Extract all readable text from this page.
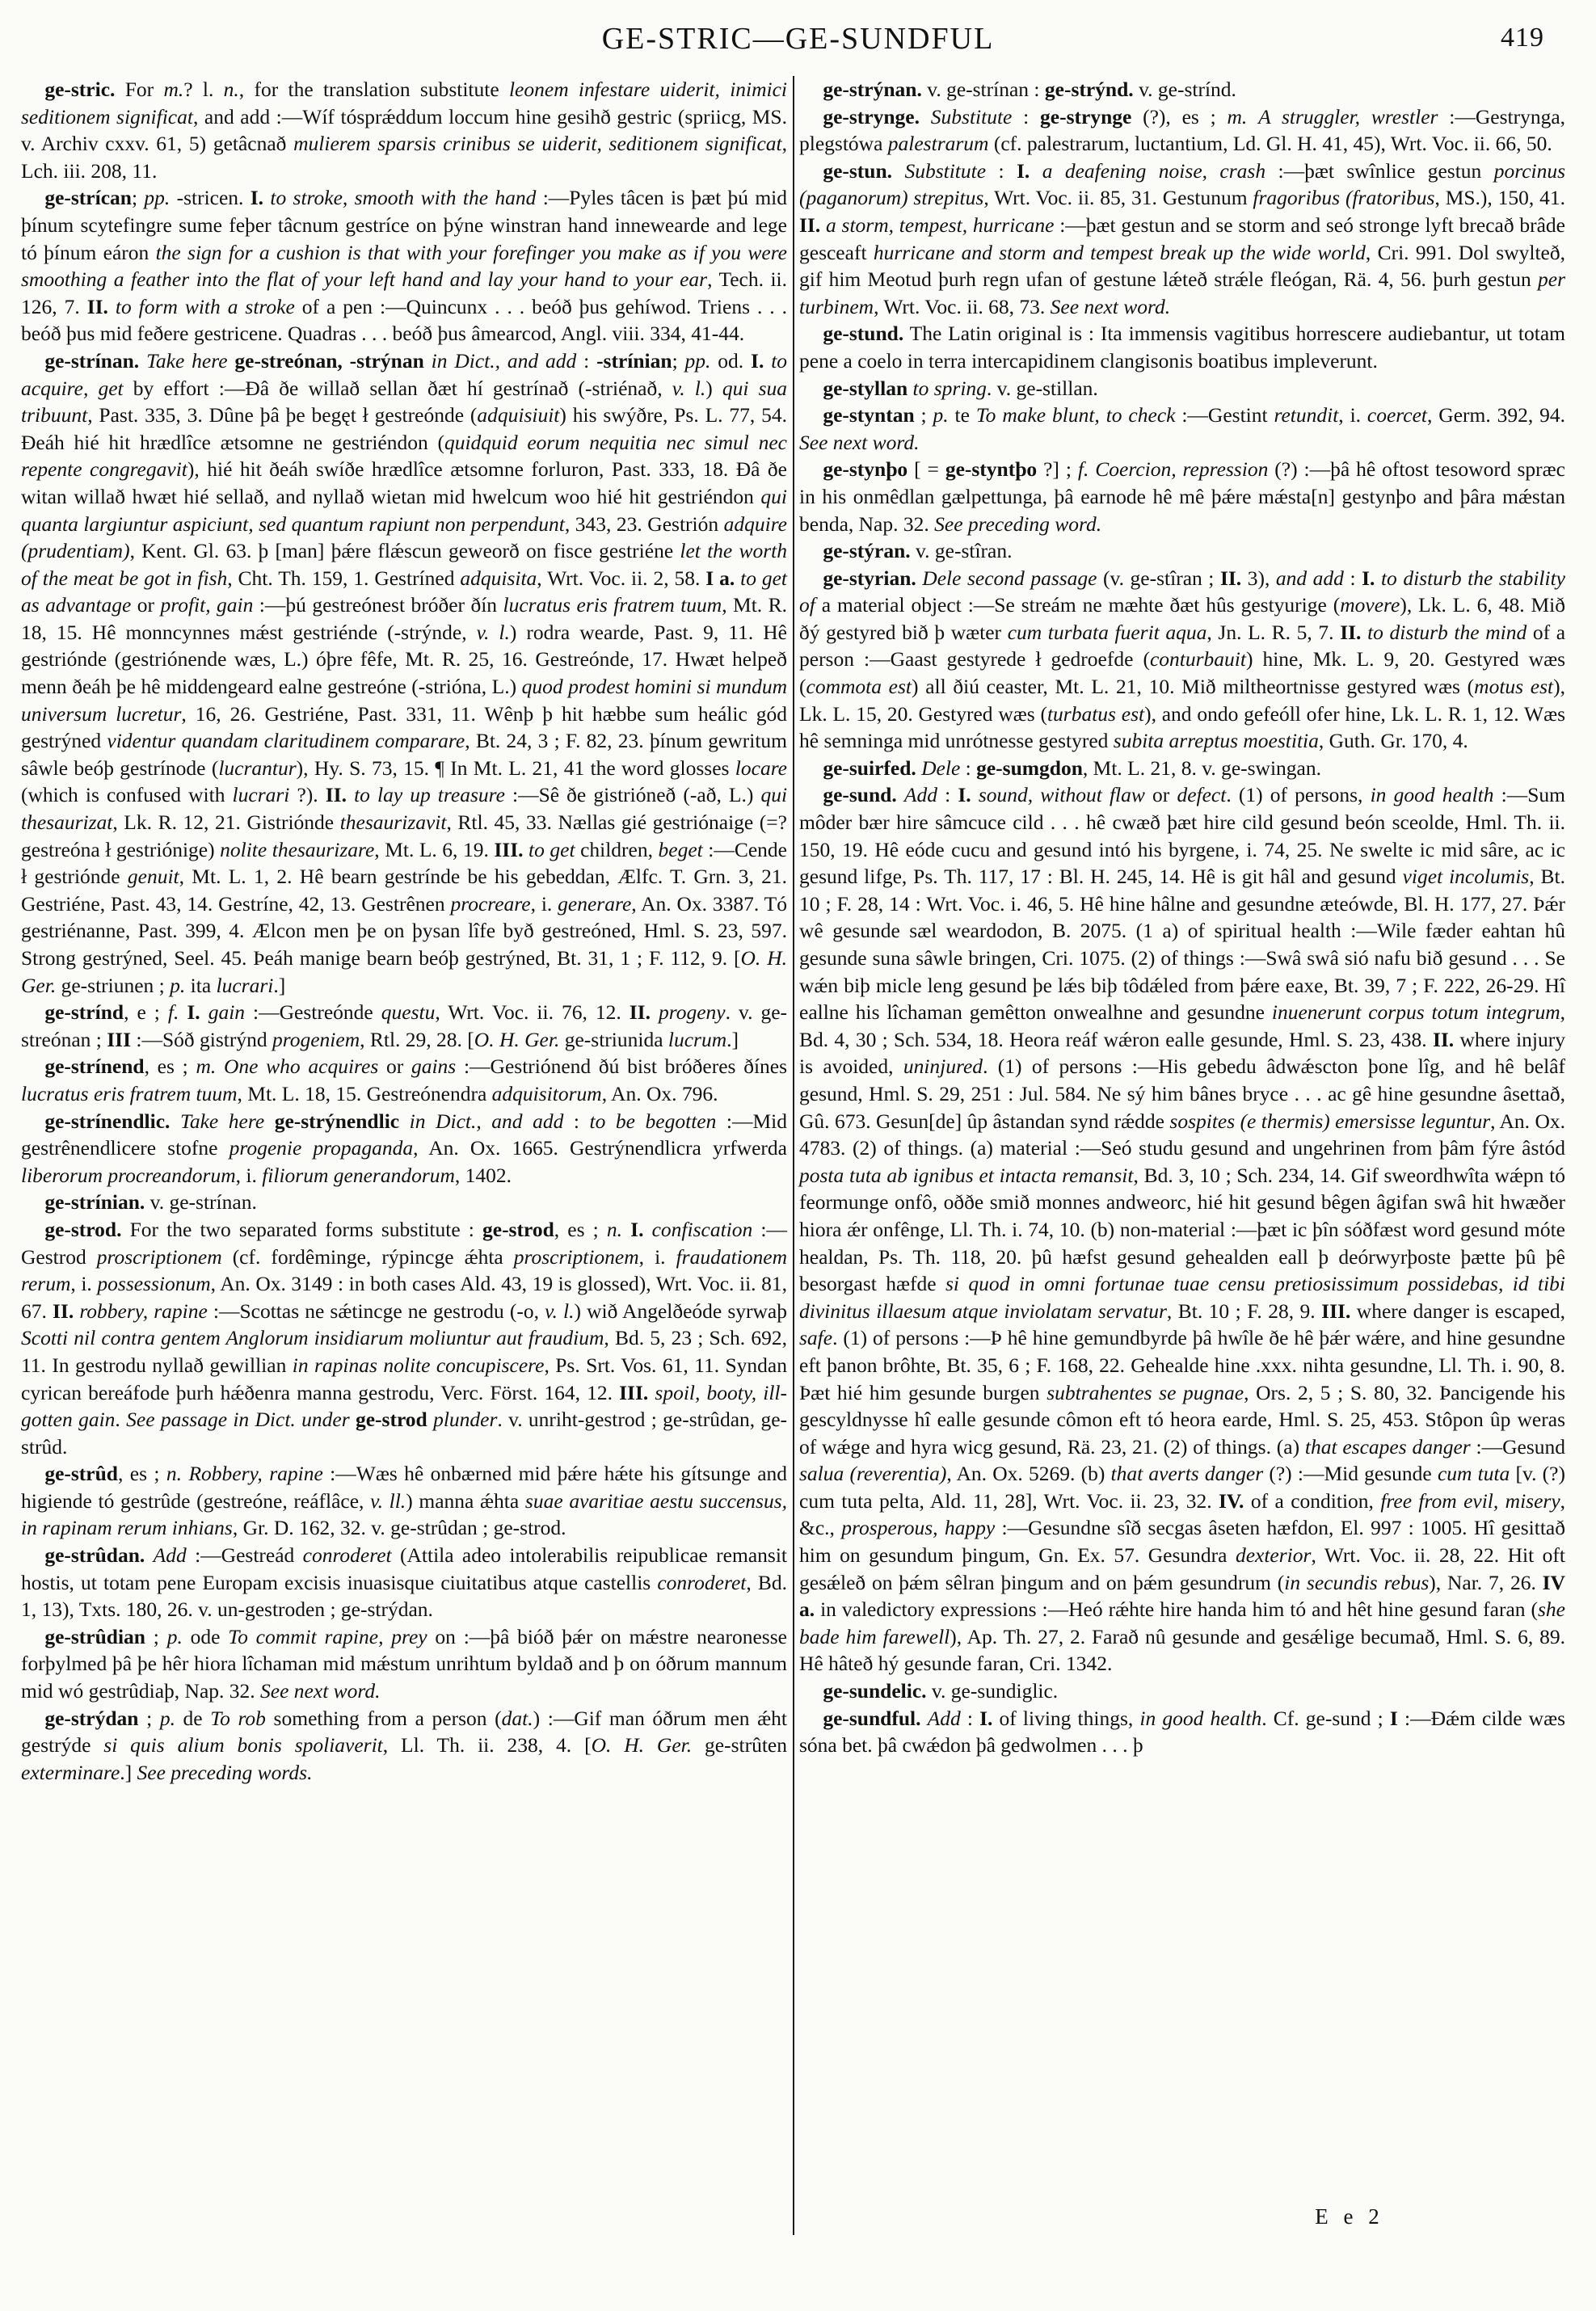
GE-STRIC—GE-SUNDFUL	419

ge-stric. For m.? l. n., for the translation substitute leonem infestare uiderit, inimici seditionem significat, and add :—Wíf tósprǽddum loccum hine gesihð gestric (spriicg, MS. v. Archiv cxxv. 61, 5) getâcnað mulierem sparsis crinibus se uiderit, seditionem significat, Lch. iii. 208, 11.

ge-strícan; pp. -stricen. I. to stroke, smooth with the hand :—Pyles tâcen is þæt þú mid þínum scytefingre sume feþer tâcnum gestríce on þýne winstran hand innewearde and lege tó þínum eáron the sign for a cushion is that with your forefinger you make as if you were smoothing a feather into the flat of your left hand and lay your hand to your ear, Tech. ii. 126, 7. II. to form with a stroke of a pen :—Quincunx . . . beóð þus gehíwod. Triens . . . beóð þus mid feðere gestricene. Quadras . . . beóð þus âmearcod, Angl. viii. 334, 41-44.

ge-strínan. Take here ge-streónan, -strýnan in Dict., and add : -strínian; pp. od. I. to acquire, get by effort :—Ðâ ðe willað sellan ðæt hí gestrínað (-striénað, v. l.) qui sua tribuunt, Past. 335, 3. Dûne þâ þe begęt ł gestreónde (adquisiuit) his swýðre, Ps. L. 77, 54. Ðeáh hié hit hrædlîce ætsomne ne gestriéndon (quidquid eorum nequitia nec simul nec repente congregavit), hié hit ðeáh swíðe hrædlîce ætsomne forluron, Past. 333, 18. Ðâ ðe witan willað hwæt hié sellað, and nyllað wietan mid hwelcum woo hié hit gestriéndon qui quanta largiuntur aspiciunt, sed quantum rapiunt non perpendunt, 343, 23. Gestrión adquire (prudentiam), Kent. Gl. 63. þ [man] þǽre flǽscun geweorð on fisce gestriéne let the worth of the meat be got in fish, Cht. Th. 159, 1. Gestríned adquisita, Wrt. Voc. ii. 2, 58. I a. to get as advantage or profit, gain :—þú gestreónest bróðer ðín lucratus eris fratrem tuum, Mt. R. 18, 15. Hê monncynnes mǽst gestriénde (-strýnde, v. l.) rodra wearde, Past. 9, 11. Hê gestriónde (gestriónende wæs, L.) óþre fêfe, Mt. R. 25, 16. Gestreónde, 17. Hwæt helpeð menn ðeáh þe hê middengeard ealne gestreóne (-strióna, L.) quod prodest homini si mundum universum lucretur, 16, 26. Gestriéne, Past. 331, 11. Wênþ þ hit hæbbe sum heálic gód gestrýned videntur quandam claritudinem comparare, Bt. 24, 3 ; F. 82, 23. þínum gewritum sâwle beóþ gestrínode (lucrantur), Hy. S. 73, 15. ¶ In Mt. L. 21, 41 the word glosses locare (which is confused with lucrari ?). II. to lay up treasure :—Sê ðe gistrióneð (-að, L.) qui thesaurizat, Lk. R. 12, 21. Gistriónde thesaurizavit, Rtl. 45, 33. Nællas gié gestriónaige (=? gestreóna ł gestriónige) nolite thesaurizare, Mt. L. 6, 19. III. to get children, beget :—Cende ł gestriónde genuit, Mt. L. 1, 2. Hê bearn gestrínde be his gebeddan, Ælfc. T. Grn. 3, 21. Gestriéne, Past. 43, 14. Gestríne, 42, 13. Gestrênen procreare, i. generare, An. Ox. 3387. Tó gestriénanne, Past. 399, 4. Ælcon men þe on þysan lîfe byð gestreóned, Hml. S. 23, 597. Strong gestrýned, Seel. 45. Þeáh manige bearn beóþ gestrýned, Bt. 31, 1 ; F. 112, 9. [O. H. Ger. ge-striunen ; p. ita lucrari.]

ge-strínd, e ; f. I. gain :—Gestreónde questu, Wrt. Voc. ii. 76, 12. II. progeny. v. ge-streónan ; III :—Sóð gistrýnd progeniem, Rtl. 29, 28. [O. H. Ger. ge-striunida lucrum.]

ge-strínend, es ; m. One who acquires or gains :—Gestriónend ðú bist bróðeres ðínes lucratus eris fratrem tuum, Mt. L. 18, 15. Gestreónendra adquisitorum, An. Ox. 796.

ge-strínendlic. Take here ge-strýnendlic in Dict., and add : to be begotten :—Mid gestrênendlicere stofne progenie propaganda, An. Ox. 1665. Gestrýnendlicra yrfwerda liberorum procreandorum, i. filiorum generandorum, 1402.

ge-strínian. v. ge-strínan.

ge-strod. For the two separated forms substitute : ge-strod, es ; n. I. confiscation :—Gestrod proscriptionem (cf. fordêminge, rýpincge ǽhta proscriptionem, i. fraudationem rerum, i. possessionum, An. Ox. 3149 : in both cases Ald. 43, 19 is glossed), Wrt. Voc. ii. 81, 67. II. robbery, rapine :—Scottas ne sǽtincge ne gestrodu (-o, v. l.) wið Angelðeóde syrwaþ Scotti nil contra gentem Anglorum insidiarum moliuntur aut fraudium, Bd. 5, 23 ; Sch. 692, 11. In gestrodu nyllað gewillian in rapinas nolite concupiscere, Ps. Srt. Vos. 61, 11. Syndan cyrican bereáfode þurh hǽðenra manna gestrodu, Verc. Först. 164, 12. III. spoil, booty, ill-gotten gain. See passage in Dict. under ge-strod plunder. v. unriht-gestrod ; ge-strûdan, ge-strûd.

ge-strûd, es ; n. Robbery, rapine :—Wæs hê onbærned mid þǽre hǽte his gítsunge and higiende tó gestrûde (gestreóne, reáflâce, v. ll.) manna ǽhta suae avaritiae aestu succensus, in rapinam rerum inhians, Gr. D. 162, 32. v. ge-strûdan ; ge-strod.

ge-strûdan. Add :—Gestreád conroderet (Attila adeo intolerabilis reipublicae remansit hostis, ut totam pene Europam excisis inuasisque ciuitatibus atque castellis conroderet, Bd. 1, 13), Txts. 180, 26. v. un-gestroden ; ge-strýdan.

ge-strûdian ; p. ode To commit rapine, prey on :—þâ bióð þǽr on mǽstre nearonesse forþylmed þâ þe hêr hiora lîchaman mid mǽstum unrihtum byldað and þ on óðrum mannum mid wó gestrûdiaþ, Nap. 32. See next word.

ge-strýdan ; p. de To rob something from a person (dat.) :—Gif man óðrum men ǽht gestrýde si quis alium bonis spoliaverit, Ll. Th. ii. 238, 4. [O. H. Ger. ge-strûten exterminare.] See preceding words.

ge-strýnan. v. ge-strínan : ge-strýnd. v. ge-strínd.

ge-strynge. Substitute : ge-strynge (?), es ; m. A struggler, wrestler :—Gestrynga, plegstówa palestrarum (cf. palestrarum, luctantium, Ld. Gl. H. 41, 45), Wrt. Voc. ii. 66, 50.

ge-stun. Substitute : I. a deafening noise, crash :—þæt swînlice gestun porcinus (paganorum) strepitus, Wrt. Voc. ii. 85, 31. Gestunum fragoribus (fratoribus, MS.), 150, 41. II. a storm, tempest, hurricane :—þæt gestun and se storm and seó stronge lyft brecað brâde gesceaft hurricane and storm and tempest break up the wide world, Cri. 991. Dol swylteð, gif him Meotud þurh regn ufan of gestune lǽteð strǽle fleógan, Rä. 4, 56. þurh gestun per turbinem, Wrt. Voc. ii. 68, 73. See next word.

ge-stund. The Latin original is : Ita immensis vagitibus horrescere audiebantur, ut totam pene a coelo in terra intercapidinem clangisonis boatibus impleverunt.

ge-styllan to spring. v. ge-stillan.

ge-styntan ; p. te To make blunt, to check :—Gestint retundit, i. coercet, Germ. 392, 94. See next word.

ge-stynþo [ = ge-styntþo ?] ; f. Coercion, repression (?) :—þâ hê oftost tesoword spræc in his onmêdlan gælpettunga, þâ earnode hê mê þǽre mǽsta[n] gestynþo and þâra mǽstan benda, Nap. 32. See preceding word.

ge-stýran. v. ge-stîran.

ge-styrian. Dele second passage (v. ge-stîran ; II. 3), and add : I. to disturb the stability of a material object :—Se streám ne mæhte ðæt hûs gestyurige (movere), Lk. L. 6, 48. Mið ðý gestyred bið þ wæter cum turbata fuerit aqua, Jn. L. R. 5, 7. II. to disturb the mind of a person :—Gaast gestyrede ł gedroefde (conturbauit) hine, Mk. L. 9, 20. Gestyred wæs (commota est) all ðiú ceaster, Mt. L. 21, 10. Mið miltheortnisse gestyred wæs (motus est), Lk. L. 15, 20. Gestyred wæs (turbatus est), and ondo gefeóll ofer hine, Lk. L. R. 1, 12. Wæs hê semninga mid unrótnesse gestyred subita arreptus moestitia, Guth. Gr. 170, 4.

ge-suirfed. Dele : ge-sumgdon, Mt. L. 21, 8. v. ge-swingan.

ge-sund. Add : I. sound, without flaw or defect. (1) of persons, in good health :—Sum môder bær hire sâmcuce cild . . . hê cwæð þæt hire cild gesund beón sceolde, Hml. Th. ii. 150, 19. Hê eóde cucu and gesund intó his byrgene, i. 74, 25. Ne swelte ic mid sâre, ac ic gesund lifge, Ps. Th. 117, 17 : Bl. H. 245, 14. Hê is git hâl and gesund viget incolumis, Bt. 10 ; F. 28, 14 : Wrt. Voc. i. 46, 5. Hê hine hâlne and gesundne æteówde, Bl. H. 177, 27. Þǽr wê gesunde sæl weardodon, B. 2075. (1 a) of spiritual health :—Wile fæder eahtan hû gesunde suna sâwle bringen, Cri. 1075. (2) of things :—Swâ swâ sió nafu bið gesund . . . Se wǽn biþ micle leng gesund þe lǽs biþ tôdǽled from þǽre eaxe, Bt. 39, 7 ; F. 222, 26-29. Hî eallne his lîchaman gemêtton onwealhne and gesundne inuenerunt corpus totum integrum, Bd. 4, 30 ; Sch. 534, 18. Heora reáf wǽron ealle gesunde, Hml. S. 23, 438. II. where injury is avoided, uninjured. (1) of persons :—His gebedu âdwǽscton þone lîg, and hê belâf gesund, Hml. S. 29, 251 : Jul. 584. Ne sý him bânes bryce . . . ac gê hine gesundne âsettað, Gû. 673. Gesun[de] ûp âstandan synd rǽdde sospites (e thermis) emersisse leguntur, An. Ox. 4783. (2) of things. (a) material :—Seó studu gesund and ungehrinen from þâm fýre âstód posta tuta ab ignibus et intacta remansit, Bd. 3, 10 ; Sch. 234, 14. Gif sweordhwîta wǽpn tó feormunge onfô, oððe smið monnes andweorc, hié hit gesund bêgen âgifan swâ hit hwæðer hiora ǽr onfênge, Ll. Th. i. 74, 10. (b) non-material :—þæt ic þîn sóðfæst word gesund móte healdan, Ps. Th. 118, 20. þû hæfst gesund gehealden eall þ deórwyrþoste þætte þû þê besorgast hæfde si quod in omni fortunae tuae censu pretiosissimum possidebas, id tibi divinitus illaesum atque inviolatam servatur, Bt. 10 ; F. 28, 9. III. where danger is escaped, safe. (1) of persons :—Þ hê hine gemundbyrde þâ hwîle ðe hê þǽr wǽre, and hine gesundne eft þanon brôhte, Bt. 35, 6 ; F. 168, 22. Gehealde hine .xxx. nihta gesundne, Ll. Th. i. 90, 8. Þæt hié him gesunde burgen subtrahentes se pugnae, Ors. 2, 5 ; S. 80, 32. Þancigende his gescyldnysse hî ealle gesunde cômon eft tó heora earde, Hml. S. 25, 453. Stôpon ûp weras of wǽge and hyra wicg gesund, Rä. 23, 21. (2) of things. (a) that escapes danger :—Gesund salua (reverentia), An. Ox. 5269. (b) that averts danger (?) :—Mid gesunde cum tuta [v. (?) cum tuta pelta, Ald. 11, 28], Wrt. Voc. ii. 23, 32. IV. of a condition, free from evil, misery, &c., prosperous, happy :—Gesundne sîð secgas âseten hæfdon, El. 997 : 1005. Hî gesittað him on gesundum þingum, Gn. Ex. 57. Gesundra dexterior, Wrt. Voc. ii. 28, 22. Hit oft gesǽleð on þǽm sêlran þingum and on þǽm gesundrum (in secundis rebus), Nar. 7, 26. IV a. in valedictory expressions :—Heó rǽhte hire handa him tó and hêt hine gesund faran (she bade him farewell), Ap. Th. 27, 2. Farað nû gesunde and gesǽlige becumað, Hml. S. 6, 89. Hê hâteð hý gesunde faran, Cri. 1342.

ge-sundelic. v. ge-sundiglic.

ge-sundful. Add : I. of living things, in good health. Cf. ge-sund ; I :—Ðǽm cilde wæs sóna bet. þâ cwǽdon þâ gedwolmen . . . þ

E e 2
